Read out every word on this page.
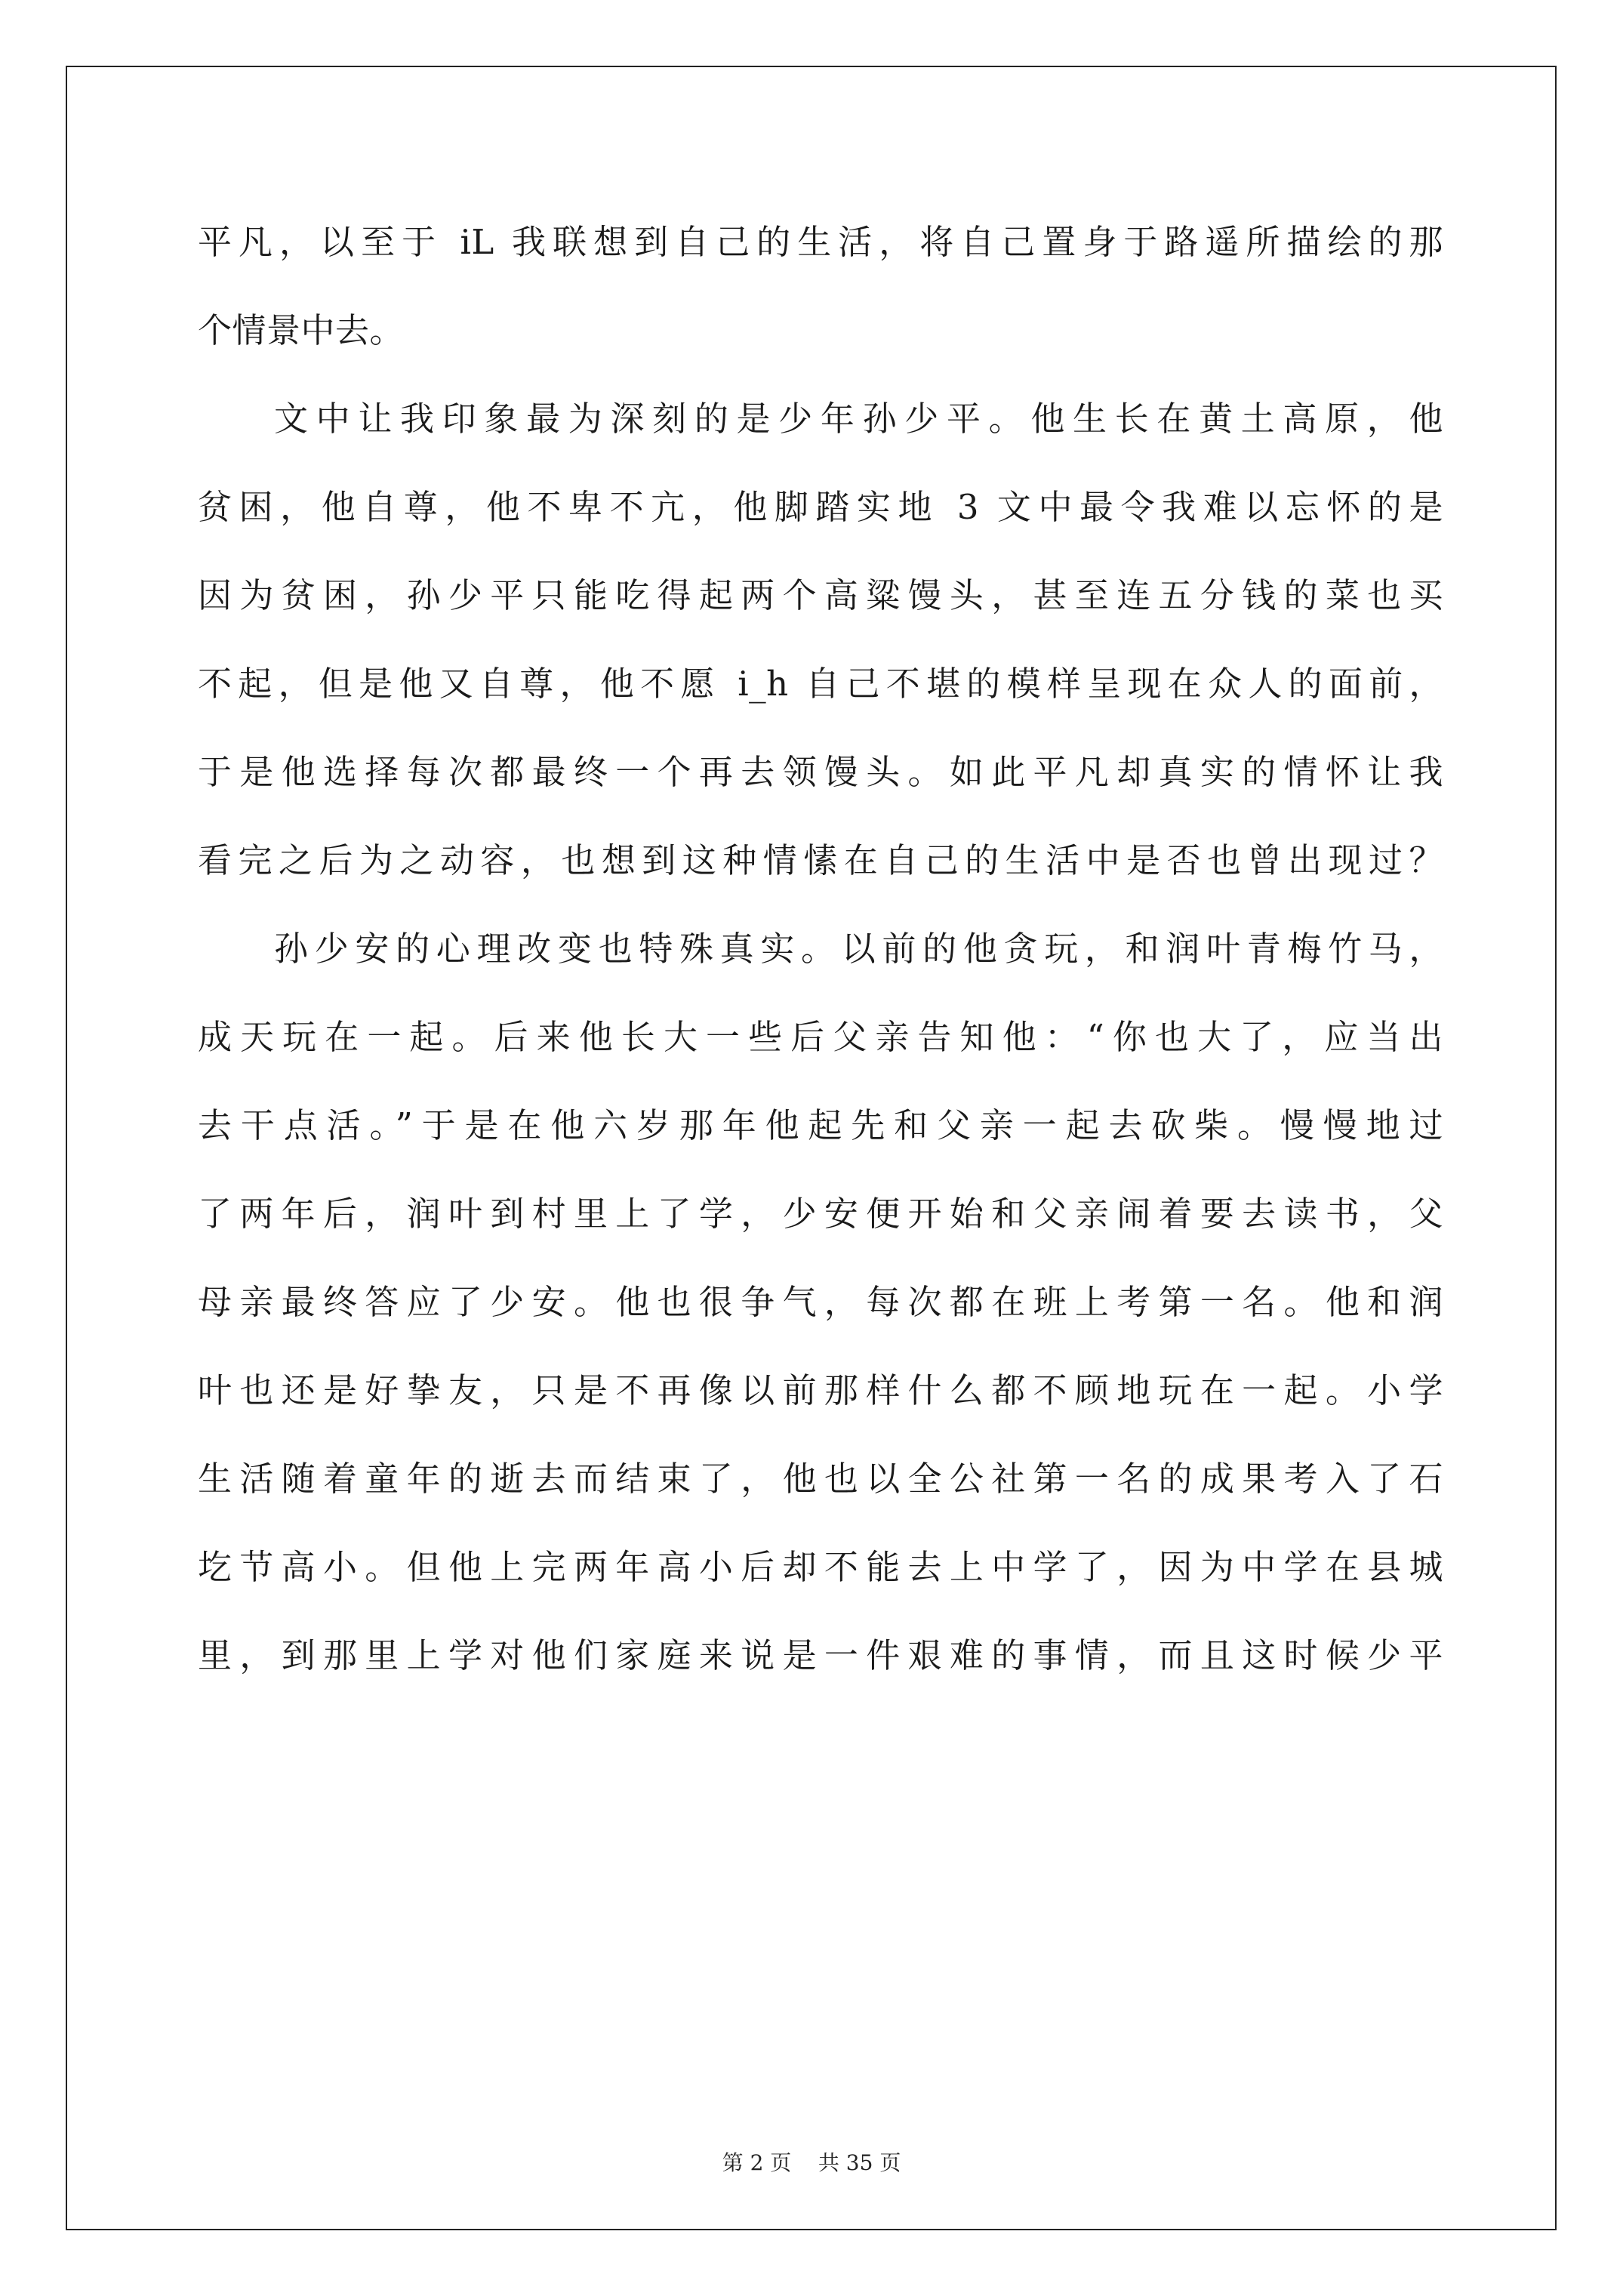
平凡，以至于 iL 我联想到自己的生活，将自己置身于路遥所描绘的那
个情景中去。
文中让我印象最为深刻的是少年孙少平。他生长在黄土高原，他
贫困，他自尊，他不卑不亢，他脚踏实地 3 文中最令我难以忘怀的是
因为贫困，孙少平只能吃得起两个高粱馒头，甚至连五分钱的菜也买
不起，但是他又自尊，他不愿 i_h 自己不堪的模样呈现在众人的面前，
于是他选择每次都最终一个再去领馒头。如此平凡却真实的情怀让我
看完之后为之动容，也想到这种情愫在自己的生活中是否也曾出现过？
孙少安的心理改变也特殊真实。以前的他贪玩，和润叶青梅竹马，
成天玩在一起。后来他长大一些后父亲告知他：“你也大了，应当出
去干点活。”于是在他六岁那年他起先和父亲一起去砍柴。慢慢地过
了两年后，润叶到村里上了学，少安便开始和父亲闹着要去读书，父
母亲最终答应了少安。他也很争气，每次都在班上考第一名。他和润
叶也还是好挚友，只是不再像以前那样什么都不顾地玩在一起。小学
生活随着童年的逝去而结束了，他也以全公社第一名的成果考入了石
圪节高小。但他上完两年高小后却不能去上中学了，因为中学在县城
里，到那里上学对他们家庭来说是一件艰难的事情，而且这时候少平
第 2 页    共 35 页
